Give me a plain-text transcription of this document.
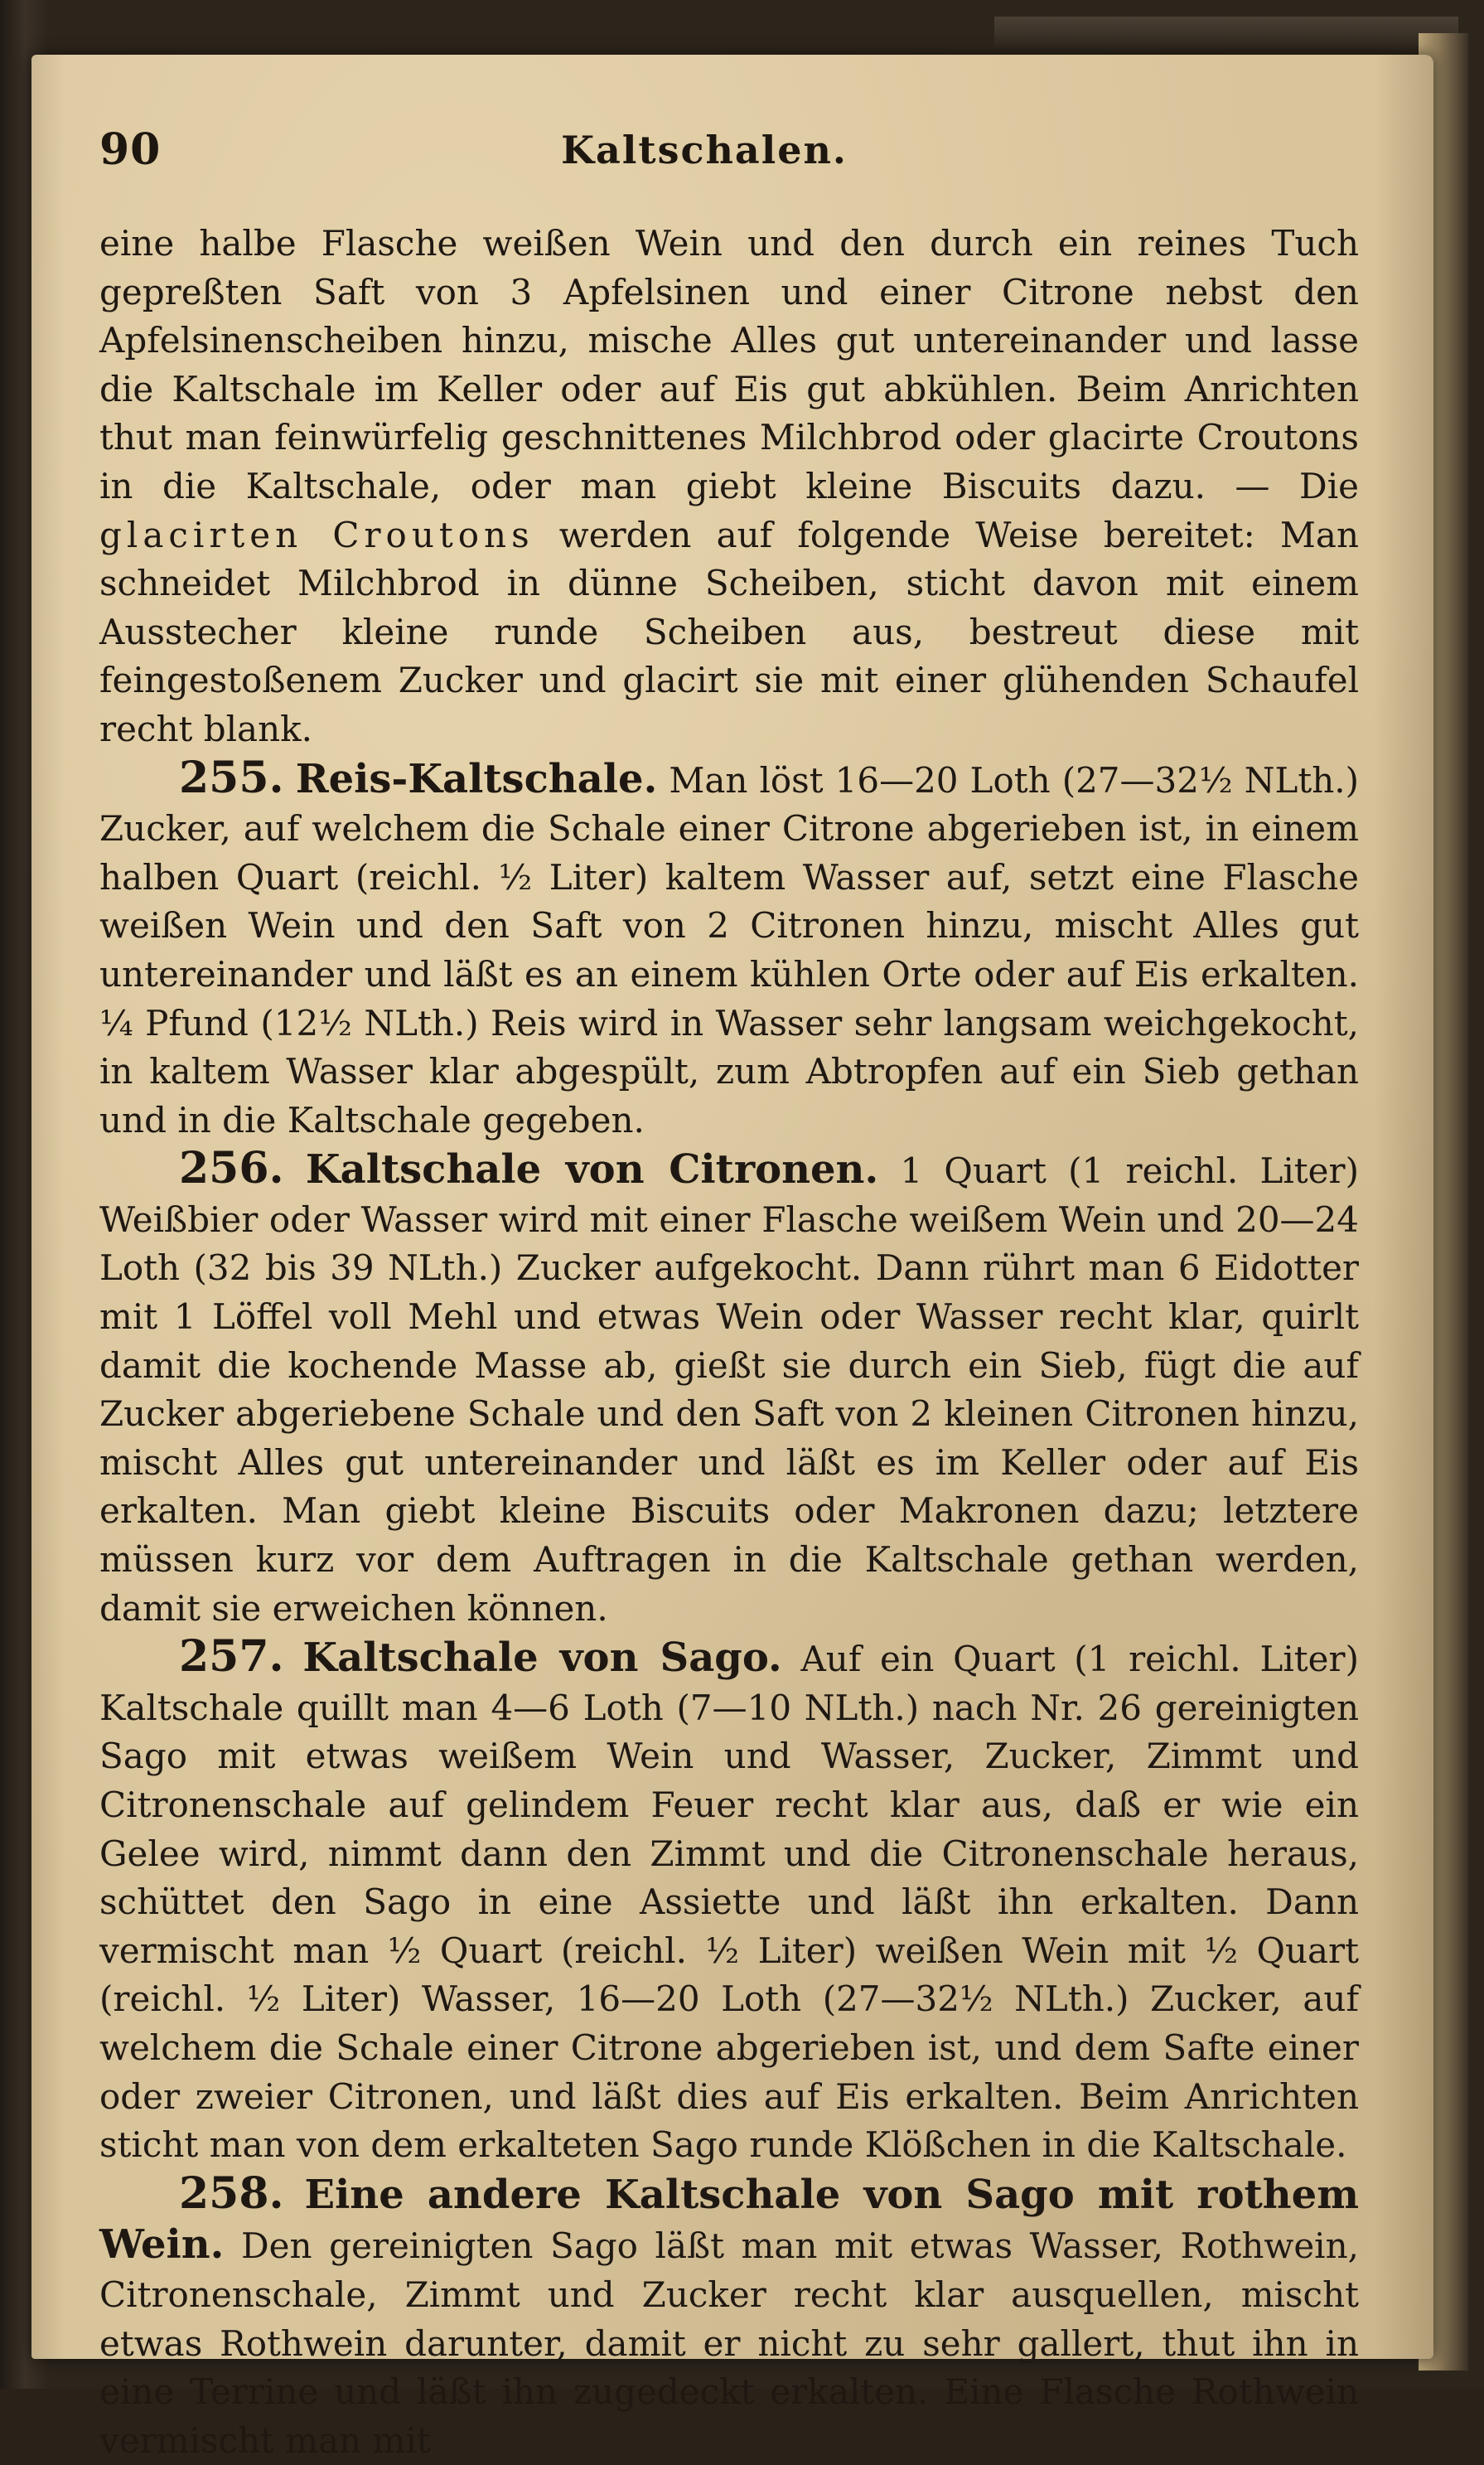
90	Kaltschalen.

eine halbe Flasche weißen Wein und den durch ein reines Tuch gepreßten Saft von 3 Apfelsinen und einer Citrone nebst den Apfelsinenscheiben hinzu, mische Alles gut untereinander und lasse die Kaltschale im Keller oder auf Eis gut abkühlen. Beim Anrichten thut man feinwürfelig geschnittenes Milchbrod oder glacirte Croutons in die Kaltschale, oder man giebt kleine Biscuits dazu. — Die glacirten Croutons werden auf folgende Weise bereitet: Man schneidet Milchbrod in dünne Scheiben, sticht davon mit einem Ausstecher kleine runde Scheiben aus, bestreut diese mit feingestoßenem Zucker und glacirt sie mit einer glühenden Schaufel recht blank.

255. Reis-Kaltschale. Man löst 16—20 Loth (27—32½ NLth.) Zucker, auf welchem die Schale einer Citrone abgerieben ist, in einem halben Quart (reichl. ½ Liter) kaltem Wasser auf, setzt eine Flasche weißen Wein und den Saft von 2 Citronen hinzu, mischt Alles gut untereinander und läßt es an einem kühlen Orte oder auf Eis erkalten. ¼ Pfund (12½ NLth.) Reis wird in Wasser sehr langsam weichgekocht, in kaltem Wasser klar abgespült, zum Abtropfen auf ein Sieb gethan und in die Kaltschale gegeben.

256. Kaltschale von Citronen. 1 Quart (1 reichl. Liter) Weißbier oder Wasser wird mit einer Flasche weißem Wein und 20—24 Loth (32 bis 39 NLth.) Zucker aufgekocht. Dann rührt man 6 Eidotter mit 1 Löffel voll Mehl und etwas Wein oder Wasser recht klar, quirlt damit die kochende Masse ab, gießt sie durch ein Sieb, fügt die auf Zucker abgeriebene Schale und den Saft von 2 kleinen Citronen hinzu, mischt Alles gut untereinander und läßt es im Keller oder auf Eis erkalten. Man giebt kleine Biscuits oder Makronen dazu; letztere müssen kurz vor dem Auftragen in die Kaltschale gethan werden, damit sie erweichen können.

257. Kaltschale von Sago. Auf ein Quart (1 reichl. Liter) Kaltschale quillt man 4—6 Loth (7—10 NLth.) nach Nr. 26 gereinigten Sago mit etwas weißem Wein und Wasser, Zucker, Zimmt und Citronenschale auf gelindem Feuer recht klar aus, daß er wie ein Gelee wird, nimmt dann den Zimmt und die Citronenschale heraus, schüttet den Sago in eine Assiette und läßt ihn erkalten. Dann vermischt man ½ Quart (reichl. ½ Liter) weißen Wein mit ½ Quart (reichl. ½ Liter) Wasser, 16—20 Loth (27—32½ NLth.) Zucker, auf welchem die Schale einer Citrone abgerieben ist, und dem Safte einer oder zweier Citronen, und läßt dies auf Eis erkalten. Beim Anrichten sticht man von dem erkalteten Sago runde Klößchen in die Kaltschale.

258. Eine andere Kaltschale von Sago mit rothem Wein. Den gereinigten Sago läßt man mit etwas Wasser, Rothwein, Citronenschale, Zimmt und Zucker recht klar ausquellen, mischt etwas Rothwein darunter, damit er nicht zu sehr gallert, thut ihn in eine Terrine und läßt ihn zugedeckt erkalten. Eine Flasche Rothwein vermischt man mit
